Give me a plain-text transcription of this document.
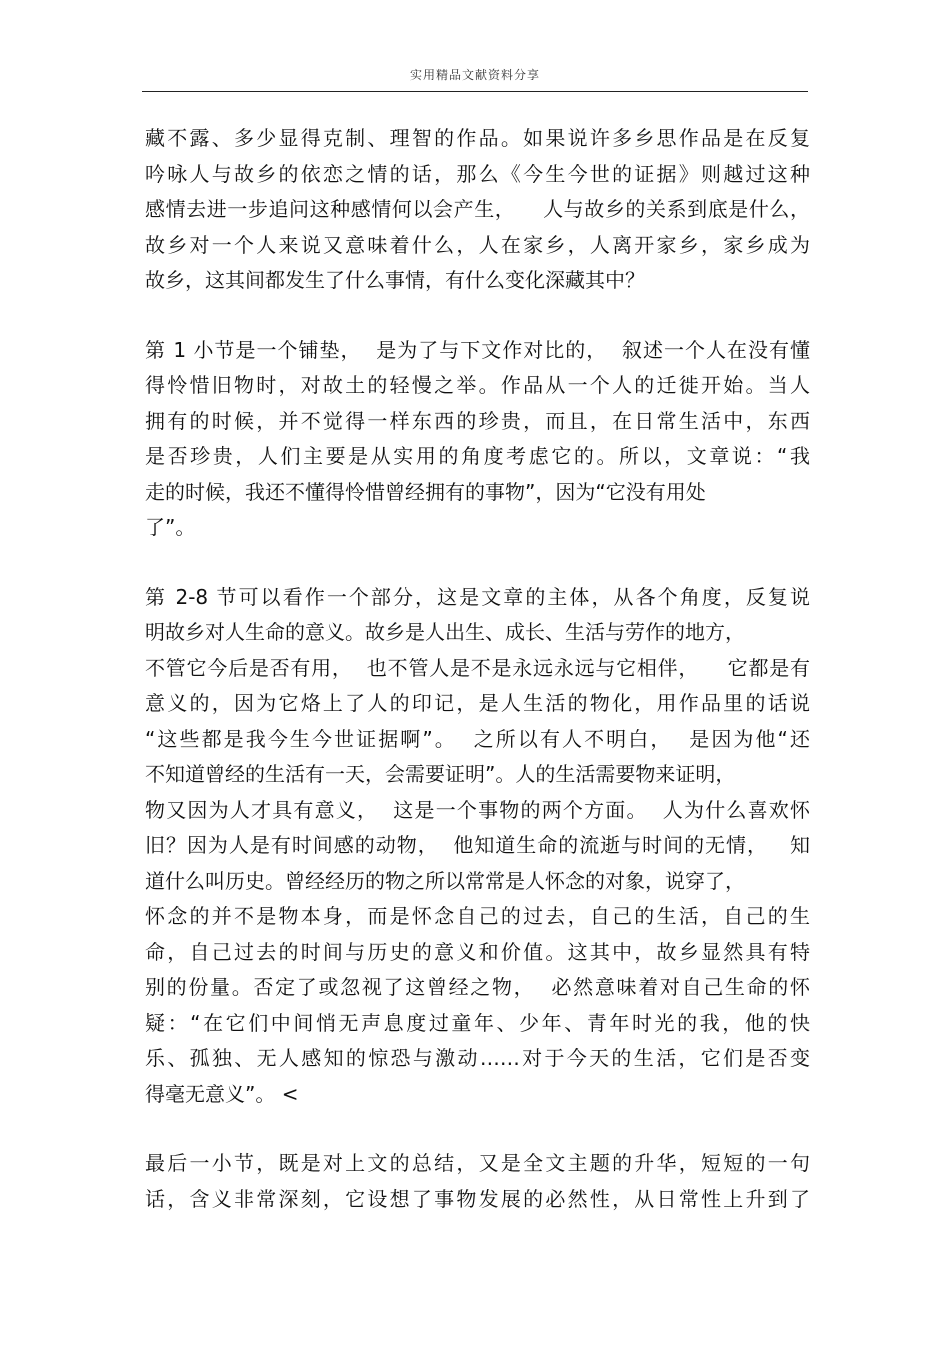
实用精品文献资料分享
藏不露、多少显得克制、理智的作品。如果说许多乡思作品是在反复
吟咏人与故乡的依恋之情的话，那么《今生今世的证据》则越过这种
感情去进一步追问这种感情何以会产生，    人与故乡的关系到底是什么，
故乡对一个人来说又意味着什么，人在家乡，人离开家乡，家乡成为
故乡，这其间都发生了什么事情，有什么变化深藏其中？
第 1 小节是一个铺垫，  是为了与下文作对比的，  叙述一个人在没有懂
得怜惜旧物时，对故土的轻慢之举。作品从一个人的迁徙开始。当人
拥有的时候，并不觉得一样东西的珍贵，而且，在日常生活中，东西
是否珍贵，人们主要是从实用的角度考虑它的。所以，文章说：“我
走的时候，我还不懂得怜惜曾经拥有的事物”，因为“它没有用处
了”。
第 2-8 节可以看作一个部分，这是文章的主体，从各个角度，反复说
明故乡对人生命的意义。故乡是人出生、成长、生活与劳作的地方，
不管它今后是否有用，  也不管人是不是永远永远与它相伴，    它都是有
意义的，因为它烙上了人的印记，是人生活的物化，用作品里的话说
“这些都是我今生今世证据啊”。  之所以有人不明白，  是因为他“还
不知道曾经的生活有一天，会需要证明”。人的生活需要物来证明，
物又因为人才具有意义，  这是一个事物的两个方面。  人为什么喜欢怀
旧？因为人是有时间感的动物，  他知道生命的流逝与时间的无情，   知
道什么叫历史。曾经经历的物之所以常常是人怀念的对象，说穿了，
怀念的并不是物本身，而是怀念自己的过去，自己的生活，自己的生
命，自己过去的时间与历史的意义和价值。这其中，故乡显然具有特
别的份量。否定了或忽视了这曾经之物，  必然意味着对自己生命的怀
疑：“在它们中间悄无声息度过童年、少年、青年时光的我，他的快
乐、孤独、无人感知的惊恐与激动……对于今天的生活，它们是否变
得毫无意义”。 <
最后一小节，既是对上文的总结，又是全文主题的升华，短短的一句
话，含义非常深刻，它设想了事物发展的必然性，从日常性上升到了
